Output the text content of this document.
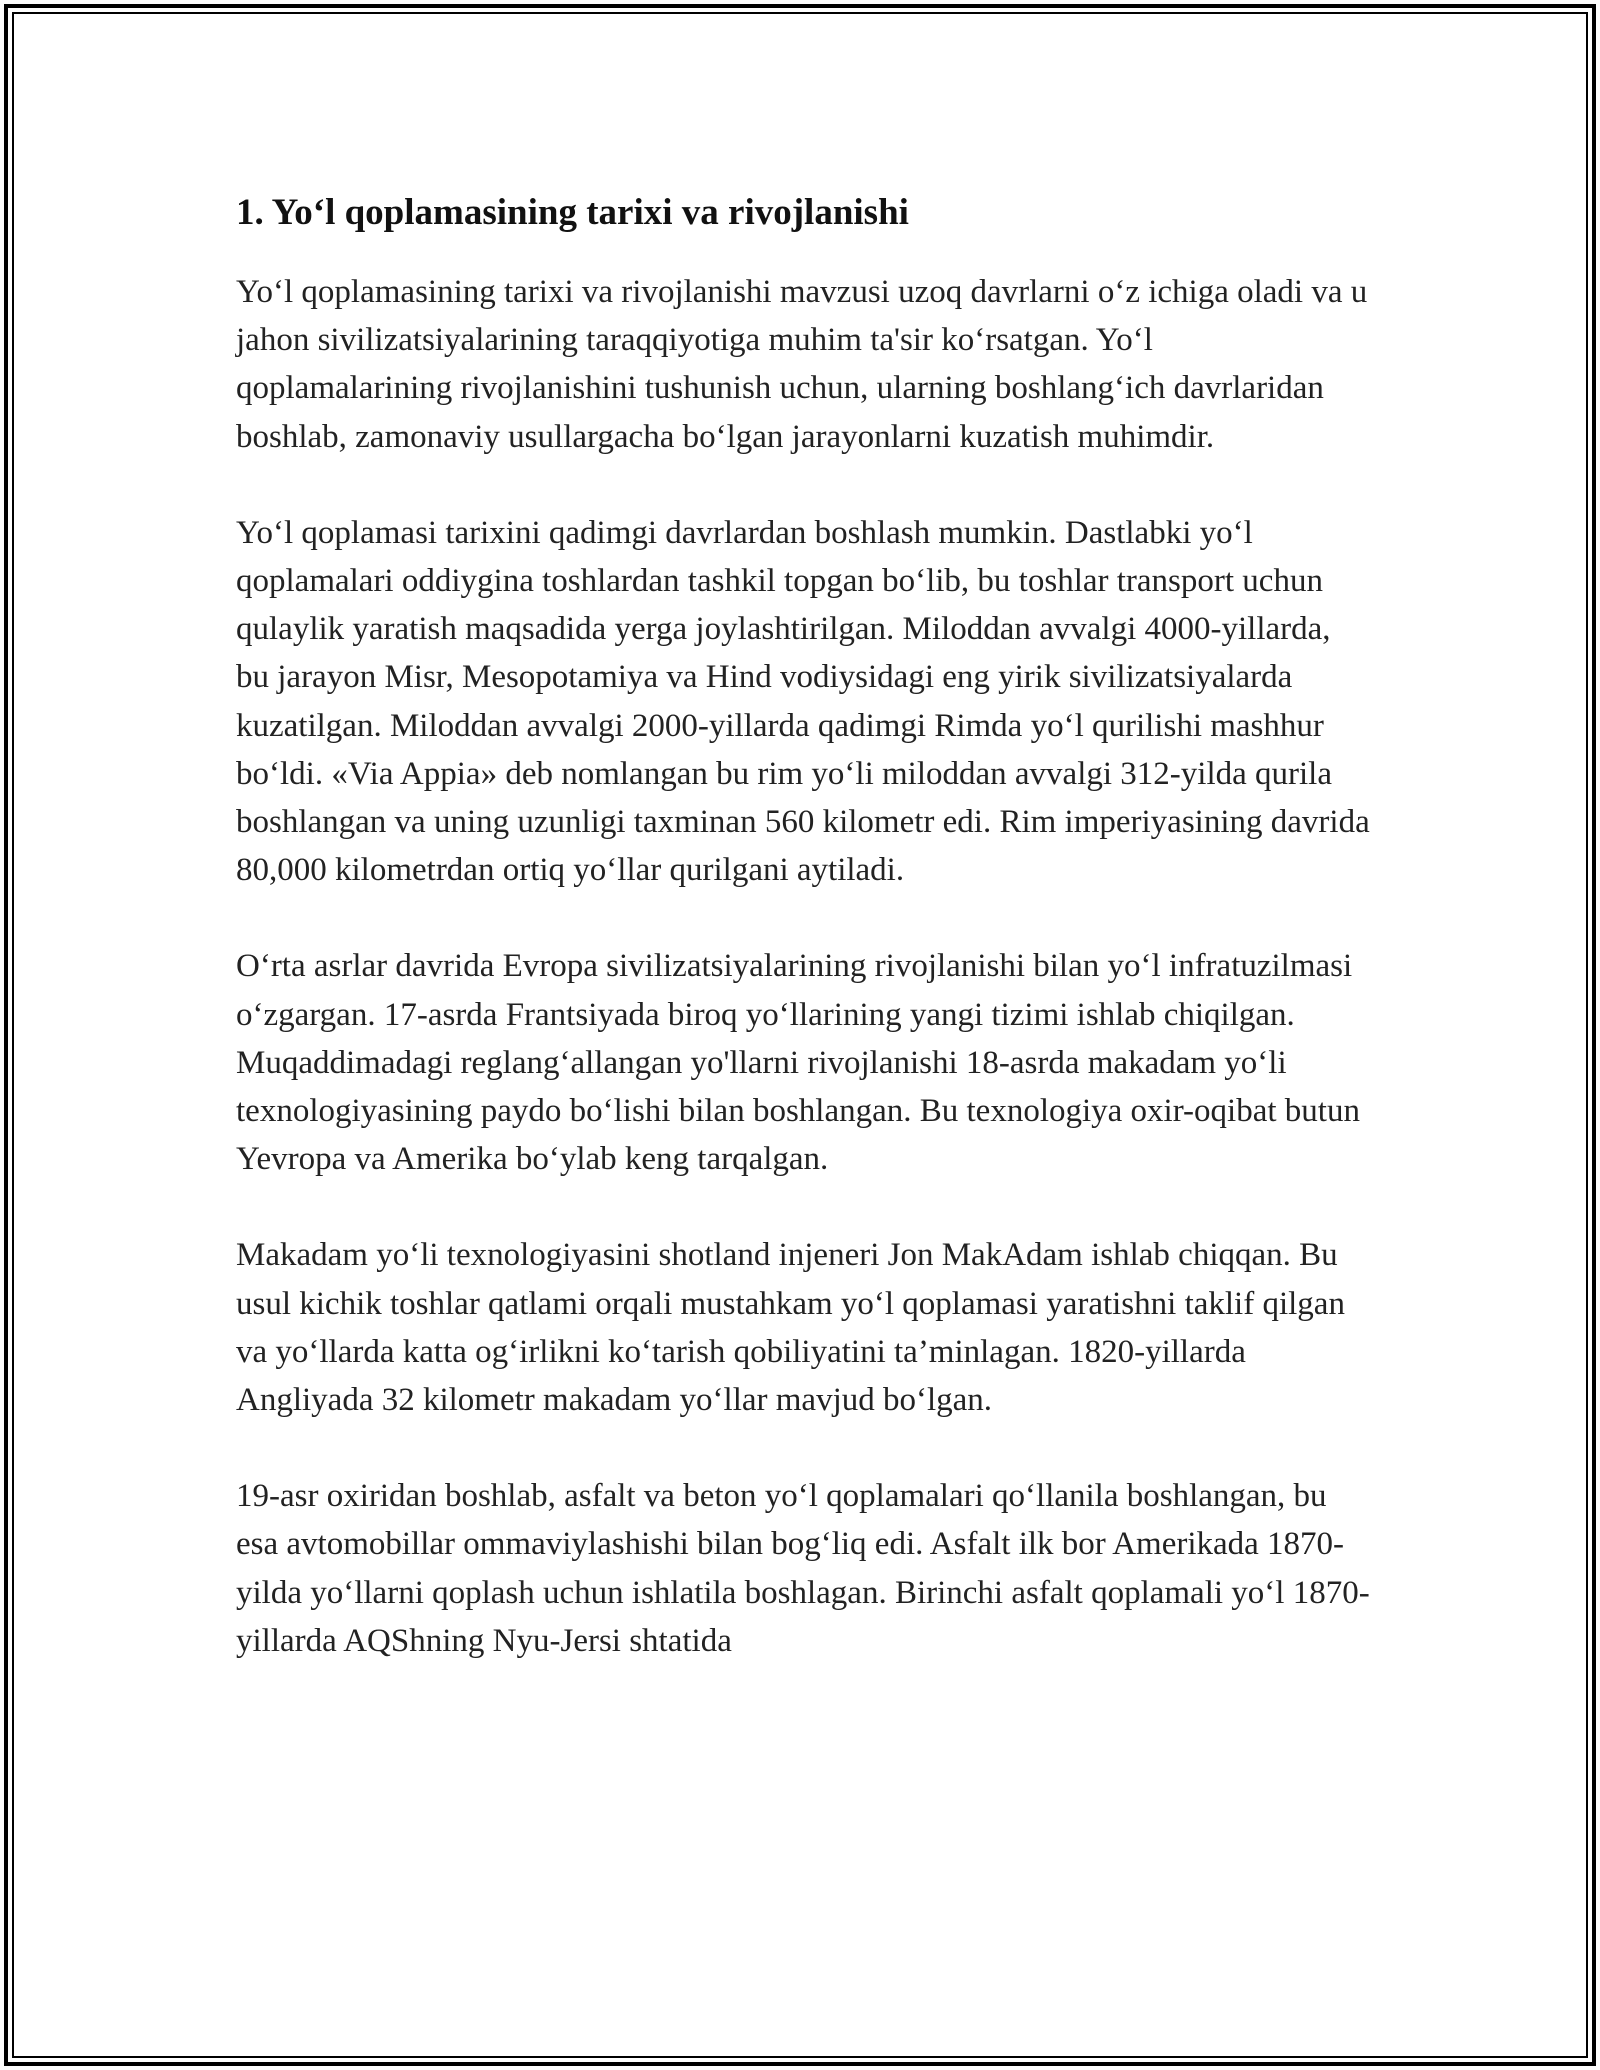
1. Yo‘l qoplamasining tarixi va rivojlanishi

Yo‘l qoplamasining tarixi va rivojlanishi mavzusi uzoq davrlarni o‘z ichiga oladi va u jahon sivilizatsiyalarining taraqqiyotiga muhim ta'sir ko‘rsatgan. Yo‘l qoplamalarining rivojlanishini tushunish uchun, ularning boshlang‘ich davrlaridan boshlab, zamonaviy usullargacha bo‘lgan jarayonlarni kuzatish muhimdir.

Yo‘l qoplamasi tarixini qadimgi davrlardan boshlash mumkin. Dastlabki yo‘l qoplamalari oddiygina toshlardan tashkil topgan bo‘lib, bu toshlar transport uchun qulaylik yaratish maqsadida yerga joylashtirilgan. Miloddan avvalgi 4000-yillarda, bu jarayon Misr, Mesopotamiya va Hind vodiysidagi eng yirik sivilizatsiyalarda kuzatilgan. Miloddan avvalgi 2000-yillarda qadimgi Rimda yo‘l qurilishi mashhur bo‘ldi. «Via Appia» deb nomlangan bu rim yo‘li miloddan avvalgi 312-yilda qurila boshlangan va uning uzunligi taxminan 560 kilometr edi. Rim imperiyasining davrida 80,000 kilometrdan ortiq yo‘llar qurilgani aytiladi.

O‘rta asrlar davrida Evropa sivilizatsiyalarining rivojlanishi bilan yo‘l infratuzilmasi o‘zgargan. 17-asrda Frantsiyada biroq yo‘llarining yangi tizimi ishlab chiqilgan. Muqaddimadagi reglang‘allangan yo'llarni rivojlanishi 18-asrda makadam yo‘li texnologiyasining paydo bo‘lishi bilan boshlangan. Bu texnologiya oxir-oqibat butun Yevropa va Amerika bo‘ylab keng tarqalgan.

Makadam yo‘li texnologiyasini shotland injeneri Jon MakAdam ishlab chiqqan. Bu usul kichik toshlar qatlami orqali mustahkam yo‘l qoplamasi yaratishni taklif qilgan va yo‘llarda katta og‘irlikni ko‘tarish qobiliyatini ta’minlagan. 1820-yillarda Angliyada 32 kilometr makadam yo‘llar mavjud bo‘lgan.

19-asr oxiridan boshlab, asfalt va beton yo‘l qoplamalari qo‘llanila boshlangan, bu esa avtomobillar ommaviylashishi bilan bog‘liq edi. Asfalt ilk bor Amerikada 1870-yilda yo‘llarni qoplash uchun ishlatila boshlagan. Birinchi asfalt qoplamali yo‘l 1870-yillarda AQShning Nyu-Jersi shtatida
